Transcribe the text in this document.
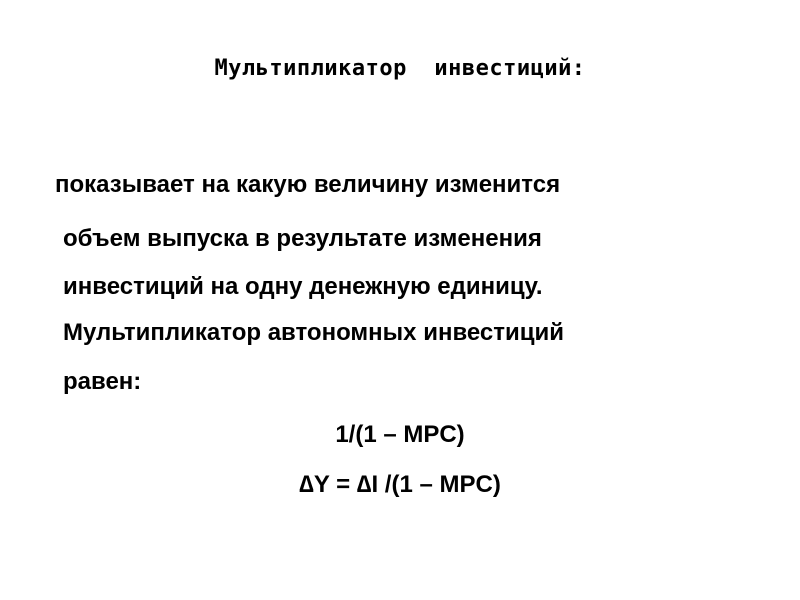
Мультипликатор  инвестиций:
показывает на какую величину изменится
объем выпуска в результате изменения
инвестиций на одну денежную единицу.
Мультипликатор автономных инвестиций
равен:
1/(1 – MPC)
∆Y = ∆I /(1 – MPC)
